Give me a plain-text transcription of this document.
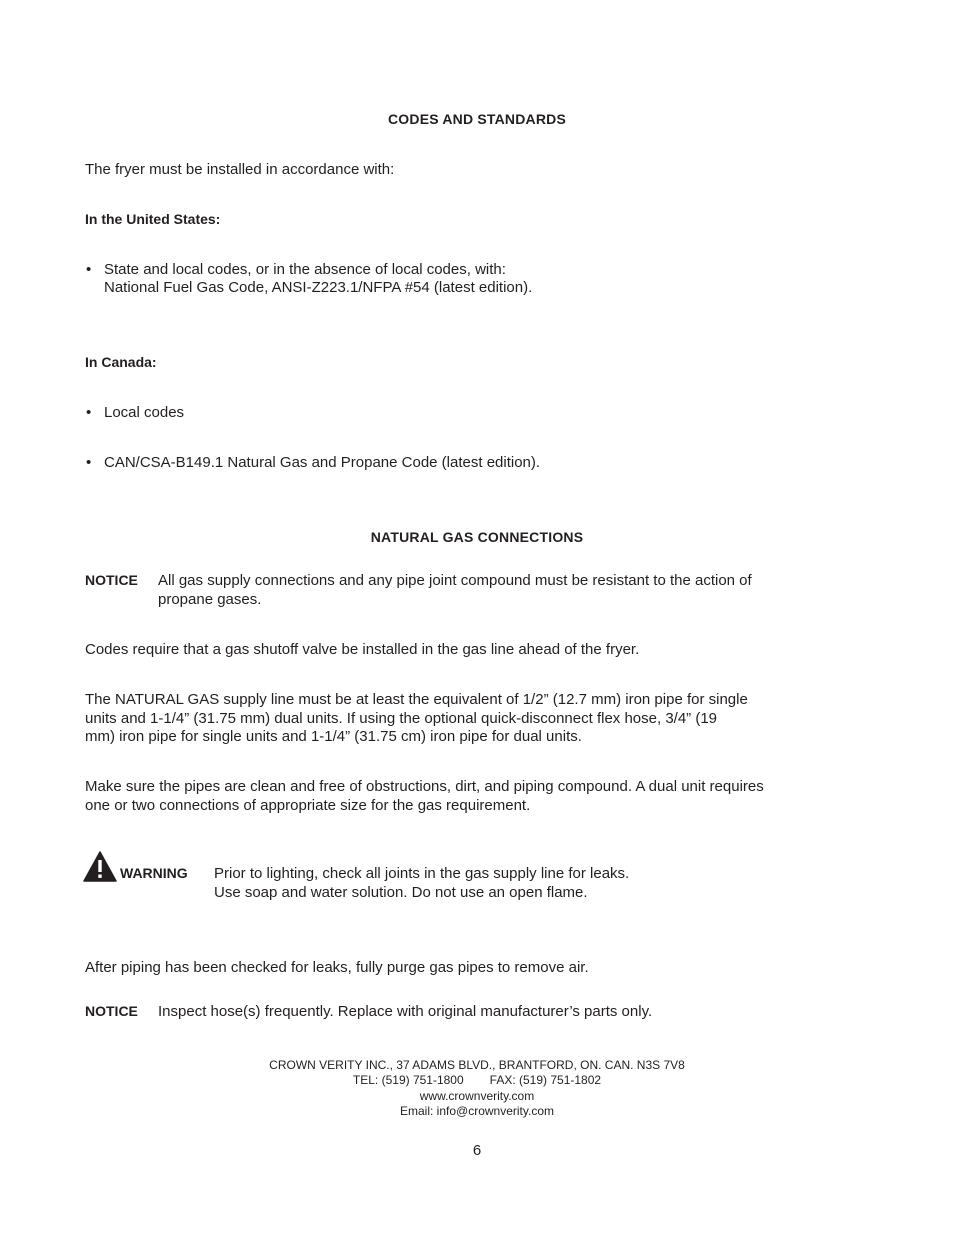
CODES AND STANDARDS
The fryer must be installed in accordance with:
In the United States:
• State and local codes, or in the absence of local codes, with:
National Fuel Gas Code, ANSI-Z223.1/NFPA #54 (latest edition).
In Canada:
• Local codes
• CAN/CSA-B149.1 Natural Gas and Propane Code (latest edition).
NATURAL GAS CONNECTIONS
NOTICE All gas supply connections and any pipe joint compound must be resistant to the action of
propane gases.
Codes require that a gas shutoff valve be installed in the gas line ahead of the fryer.
The NATURAL GAS supply line must be at least the equivalent of 1/2” (12.7 mm) iron pipe for single
units and 1-1/4” (31.75 mm) dual units. If using the optional quick-disconnect flex hose, 3/4” (19
mm) iron pipe for single units and 1-1/4” (31.75 cm) iron pipe for dual units.
Make sure the pipes are clean and free of obstructions, dirt, and piping compound. A dual unit requires
one or two connections of appropriate size for the gas requirement.
WARNING Prior to lighting, check all joints in the gas supply line for leaks.
Use soap and water solution. Do not use an open flame.
After piping has been checked for leaks, fully purge gas pipes to remove air.
NOTICE Inspect hose(s) frequently. Replace with original manufacturer’s parts only.
CROWN VERITY INC., 37 ADAMS BLVD., BRANTFORD, ON. CAN. N3S 7V8
TEL: (519) 751-1800 FAX: (519) 751-1802
www.crownverity.com
Email: info@crownverity.com
6
